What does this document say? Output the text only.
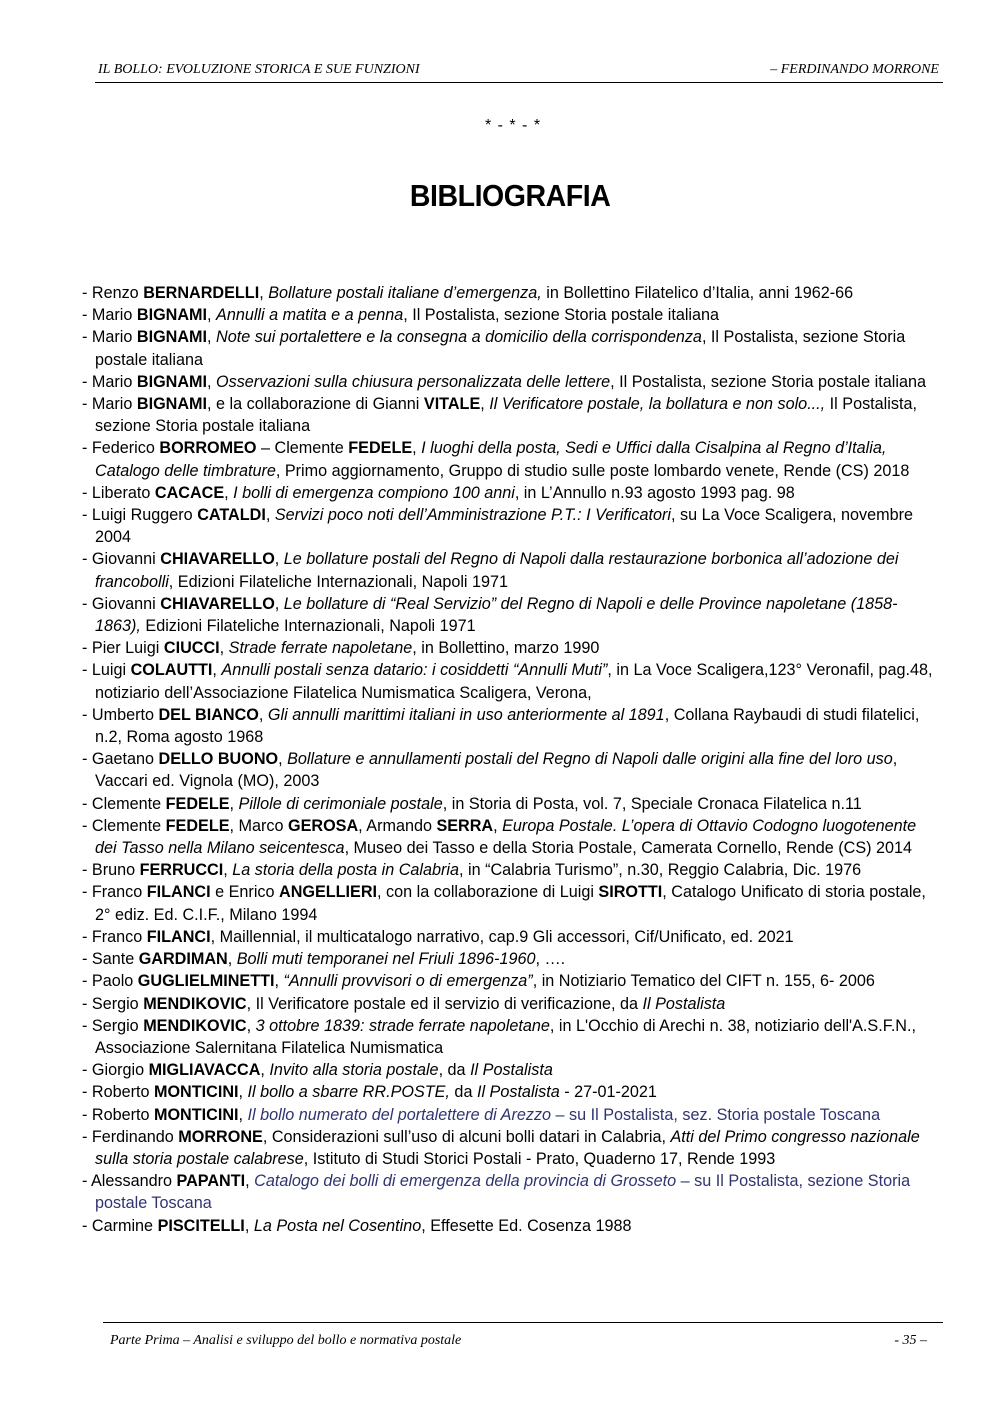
IL BOLLO: EVOLUZIONE STORICA E SUE FUNZIONI	– FERDINANDO MORRONE
* - * - *
BIBLIOGRAFIA
- Renzo BERNARDELLI, Bollature postali italiane d’emergenza, in Bollettino Filatelico d’Italia, anni 1962-66
- Mario BIGNAMI, Annulli a matita e a penna, Il Postalista, sezione Storia postale italiana
- Mario BIGNAMI, Note sui portalettere e la consegna a domicilio della corrispondenza, Il Postalista, sezione Storia postale italiana
- Mario BIGNAMI, Osservazioni sulla chiusura personalizzata delle lettere, Il Postalista, sezione Storia postale italiana
- Mario BIGNAMI, e la collaborazione di Gianni VITALE, Il Verificatore postale, la bollatura e non solo..., Il Postalista, sezione Storia postale italiana
- Federico BORROMEO – Clemente FEDELE, I luoghi della posta, Sedi e Uffici dalla Cisalpina al Regno d’Italia, Catalogo delle timbrature, Primo aggiornamento, Gruppo di studio sulle poste lombardo venete, Rende (CS) 2018
- Liberato CACACE, I bolli di emergenza compiono 100 anni, in L’Annullo n.93 agosto 1993 pag. 98
- Luigi Ruggero CATALDI, Servizi poco noti dell’Amministrazione P.T.: I Verificatori, su La Voce Scaligera, novembre 2004
- Giovanni CHIAVARELLO, Le bollature postali del Regno di Napoli dalla restaurazione borbonica all’adozione dei francobolli, Edizioni Filateliche Internazionali, Napoli 1971
- Giovanni CHIAVARELLO, Le bollature di “Real Servizio” del Regno di Napoli e delle Province napoletane (1858-1863), Edizioni Filateliche Internazionali, Napoli 1971
- Pier Luigi CIUCCI, Strade ferrate napoletane, in Bollettino, marzo 1990
- Luigi COLAUTTI, Annulli postali senza datario: i cosiddetti “Annulli Muti”, in La Voce Scaligera,123° Veronafil, pag.48, notiziario dell’Associazione Filatelica Numismatica Scaligera, Verona,
- Umberto DEL BIANCO, Gli annulli marittimi italiani in uso anteriormente al 1891, Collana Raybaudi di studi filatelici, n.2, Roma agosto 1968
- Gaetano DELLO BUONO, Bollature e annullamenti postali del Regno di Napoli dalle origini alla fine del loro uso, Vaccari ed. Vignola (MO), 2003
- Clemente FEDELE, Pillole di cerimoniale postale, in Storia di Posta, vol. 7, Speciale Cronaca Filatelica n.11
- Clemente FEDELE, Marco GEROSA, Armando SERRA, Europa Postale. L’opera di Ottavio Codogno luogotenente dei Tasso nella Milano seicentesca, Museo dei Tasso e della Storia Postale, Camerata Cornello, Rende (CS) 2014
- Bruno FERRUCCI, La storia della posta in Calabria, in “Calabria Turismo”, n.30, Reggio Calabria, Dic. 1976
- Franco FILANCI e Enrico ANGELLIERI, con la collaborazione di Luigi SIROTTI, Catalogo Unificato di storia postale, 2° ediz. Ed. C.I.F., Milano 1994
- Franco FILANCI, Maillennial, il multicatalogo narrativo, cap.9 Gli accessori, Cif/Unificato, ed. 2021
- Sante GARDIMAN, Bolli muti temporanei nel Friuli 1896-1960, ….
- Paolo GUGLIELMINETTI, “Annulli provvisori o di emergenza”, in Notiziario Tematico del CIFT n. 155, 6- 2006
- Sergio MENDIKOVIC, Il Verificatore postale ed il servizio di verificazione, da Il Postalista
- Sergio MENDIKOVIC, 3 ottobre 1839: strade ferrate napoletane, in L'Occhio di Arechi n. 38, notiziario dell'A.S.F.N., Associazione Salernitana Filatelica Numismatica
- Giorgio MIGLIAVACCA, Invito alla storia postale, da Il Postalista
- Roberto MONTICINI, Il bollo a sbarre RR.POSTE, da Il Postalista - 27-01-2021
- Roberto MONTICINI, Il bollo numerato del portalettere di Arezzo – su Il Postalista, sez. Storia postale Toscana
- Ferdinando MORRONE, Considerazioni sull’uso di alcuni bolli datari in Calabria, Atti del Primo congresso nazionale sulla storia postale calabrese, Istituto di Studi Storici Postali - Prato, Quaderno 17, Rende 1993
- Alessandro PAPANTI, Catalogo dei bolli di emergenza della provincia di Grosseto – su Il Postalista, sezione Storia postale Toscana
- Carmine PISCITELLI, La Posta nel Cosentino, Effesette Ed. Cosenza 1988
Parte Prima – Analisi e sviluppo del bollo e normativa postale	- 35 –
